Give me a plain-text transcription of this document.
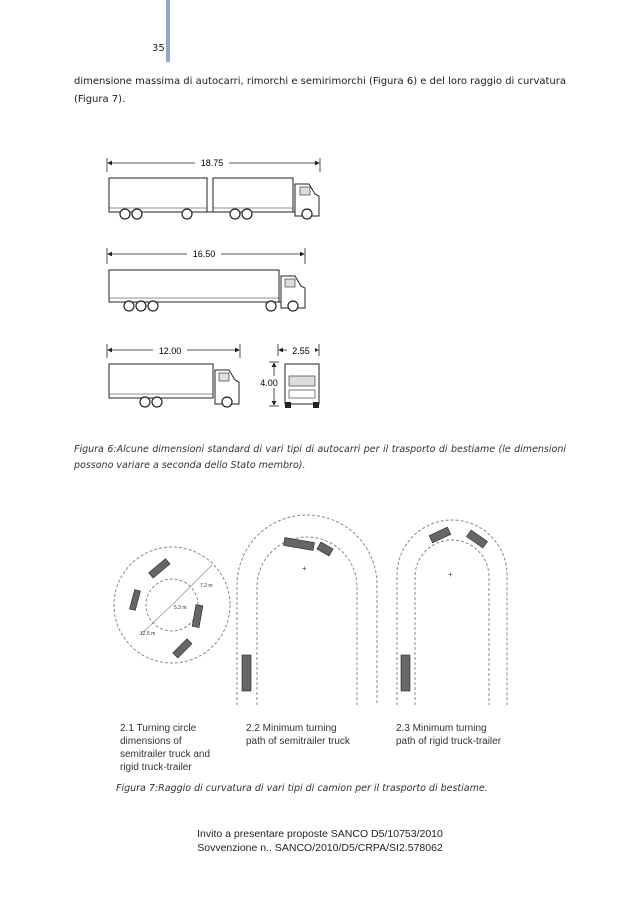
35
dimensione massima di autocarri, rimorchi e semirimorchi (Figura 6) e del loro raggio di curvatura (Figura 7).
18.75
16.50
12.00	2.55
4.00
Figura 6:Alcune dimensioni standard di vari tipi di autocarri per il trasporto di bestiame (le dimensioni possono variare a seconda dello Stato membro).
5.3 m
7.2 m
12.5 m
+
+
2.1 Turning circle
dimensions of
semitrailer truck and
rigid truck-trailer
2.2 Minimum turning
path of semitrailer truck
2.3 Minimum turning
path of rigid truck-trailer
Figura 7:Raggio di curvatura di vari tipi di camion per il trasporto di bestiame.
Invito a presentare proposte SANCO D5/10753/2010
Sovvenzione n.. SANCO/2010/D5/CRPA/SI2.578062
